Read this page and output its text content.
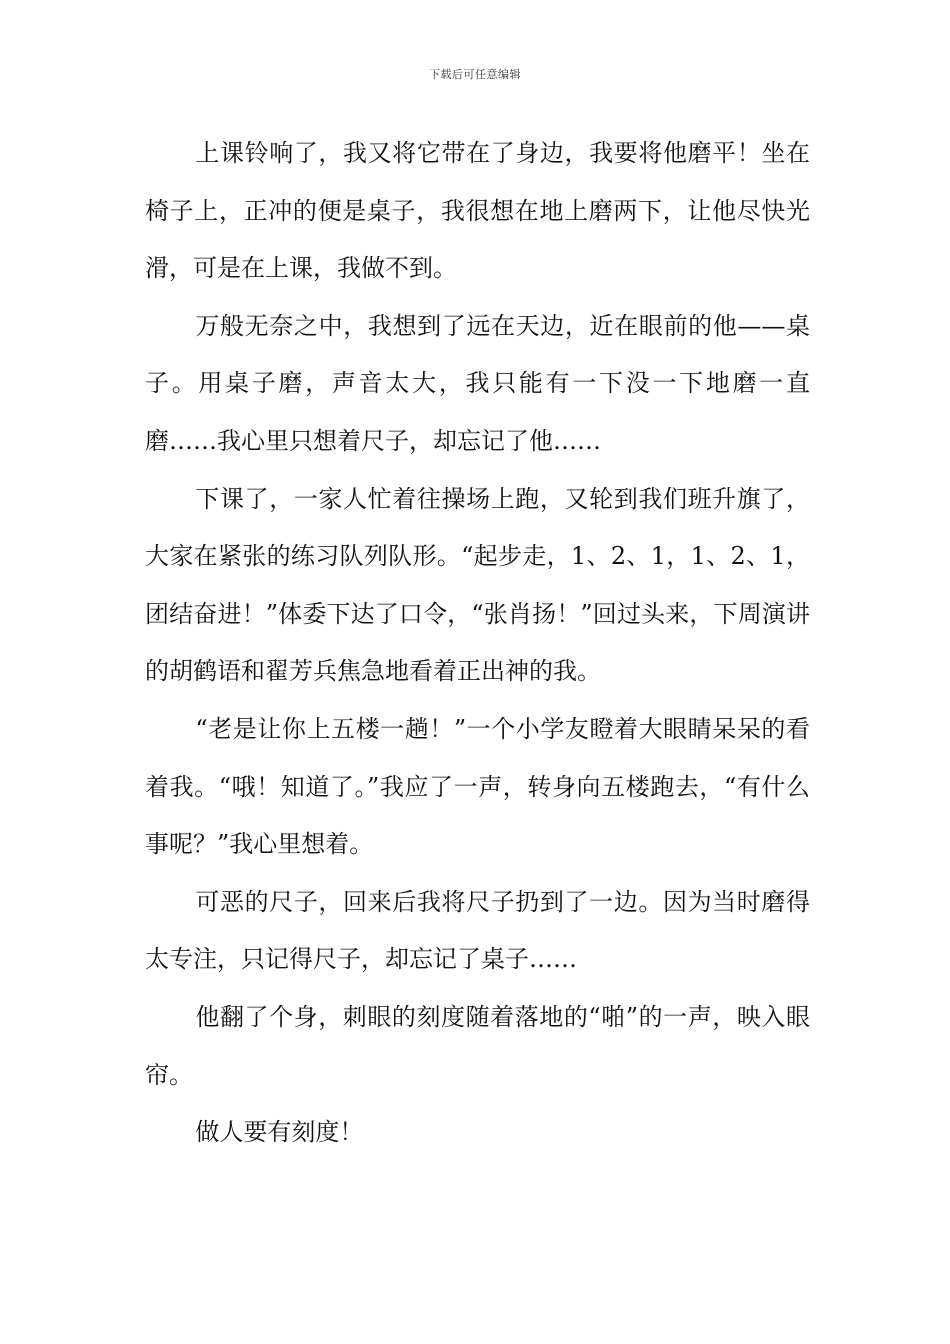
下载后可任意编辑

上课铃响了，我又将它带在了身边，我要将他磨平！坐在椅子上，正冲的便是桌子，我很想在地上磨两下，让他尽快光滑，可是在上课，我做不到。

万般无奈之中，我想到了远在天边，近在眼前的他——桌子。用桌子磨，声音太大，我只能有一下没一下地磨一直磨……我心里只想着尺子，却忘记了他……

下课了，一家人忙着往操场上跑，又轮到我们班升旗了，大家在紧张的练习队列队形。“起步走，1、2、1，1、2、1，团结奋进！”体委下达了口令，“张肖扬！”回过头来，下周演讲的胡鹤语和翟芳兵焦急地看着正出神的我。

“老是让你上五楼一趟！”一个小学友瞪着大眼睛呆呆的看着我。“哦！知道了。”我应了一声，转身向五楼跑去，“有什么事呢？”我心里想着。

可恶的尺子，回来后我将尺子扔到了一边。因为当时磨得太专注，只记得尺子，却忘记了桌子……

他翻了个身，刺眼的刻度随着落地的“啪”的一声，映入眼帘。

做人要有刻度！
